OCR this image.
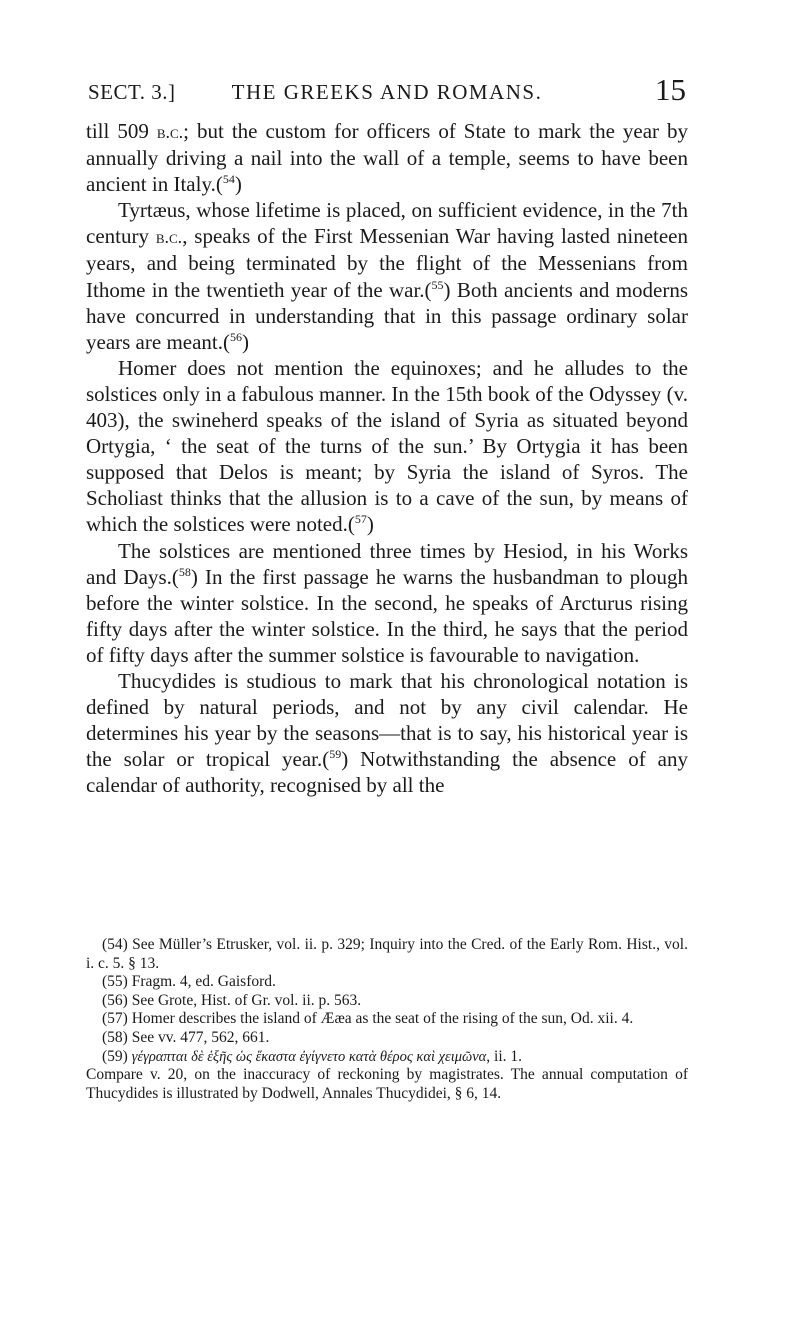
SECT. 3.]	THE GREEKS AND ROMANS.	15

till 509 b.c.; but the custom for officers of State to mark the year by annually driving a nail into the wall of a temple, seems to have been ancient in Italy.($^{54}$)

Tyrtæus, whose lifetime is placed, on sufficient evidence, in the 7th century b.c., speaks of the First Messenian War having lasted nineteen years, and being terminated by the flight of the Messenians from Ithome in the twentieth year of the war.($^{55}$) Both ancients and moderns have concurred in understanding that in this passage ordinary solar years are meant.($^{56}$)

Homer does not mention the equinoxes; and he alludes to the solstices only in a fabulous manner. In the 15th book of the Odyssey (v. 403), the swineherd speaks of the island of Syria as situated beyond Ortygia, ‘ the seat of the turns of the sun.’ By Ortygia it has been supposed that Delos is meant; by Syria the island of Syros. The Scholiast thinks that the allusion is to a cave of the sun, by means of which the solstices were noted.($^{57}$)

The solstices are mentioned three times by Hesiod, in his Works and Days.($^{58}$) In the first passage he warns the husbandman to plough before the winter solstice. In the second, he speaks of Arcturus rising fifty days after the winter solstice. In the third, he says that the period of fifty days after the summer solstice is favourable to navigation.

Thucydides is studious to mark that his chronological notation is defined by natural periods, and not by any civil calendar. He determines his year by the seasons—that is to say, his historical year is the solar or tropical year.($^{59}$) Notwithstanding the absence of any calendar of authority, recognised by all the

(54) See Müller’s Etrusker, vol. ii. p. 329; Inquiry into the Cred. of the Early Rom. Hist., vol. i. c. 5. § 13.

(55) Fragm. 4, ed. Gaisford.

(56) See Grote, Hist. of Gr. vol. ii. p. 563.

(57) Homer describes the island of Ææa as the seat of the rising of the sun, Od. xii. 4.

(58) See vv. 477, 562, 661.

(59) γέγραπται δὲ ἑξῆς ὡς ἕκαστα ἐγίγνετο κατὰ θέρος καὶ χειμῶνα, ii. 1.

Compare v. 20, on the inaccuracy of reckoning by magistrates. The annual computation of Thucydides is illustrated by Dodwell, Annales Thucydidei, § 6, 14.
